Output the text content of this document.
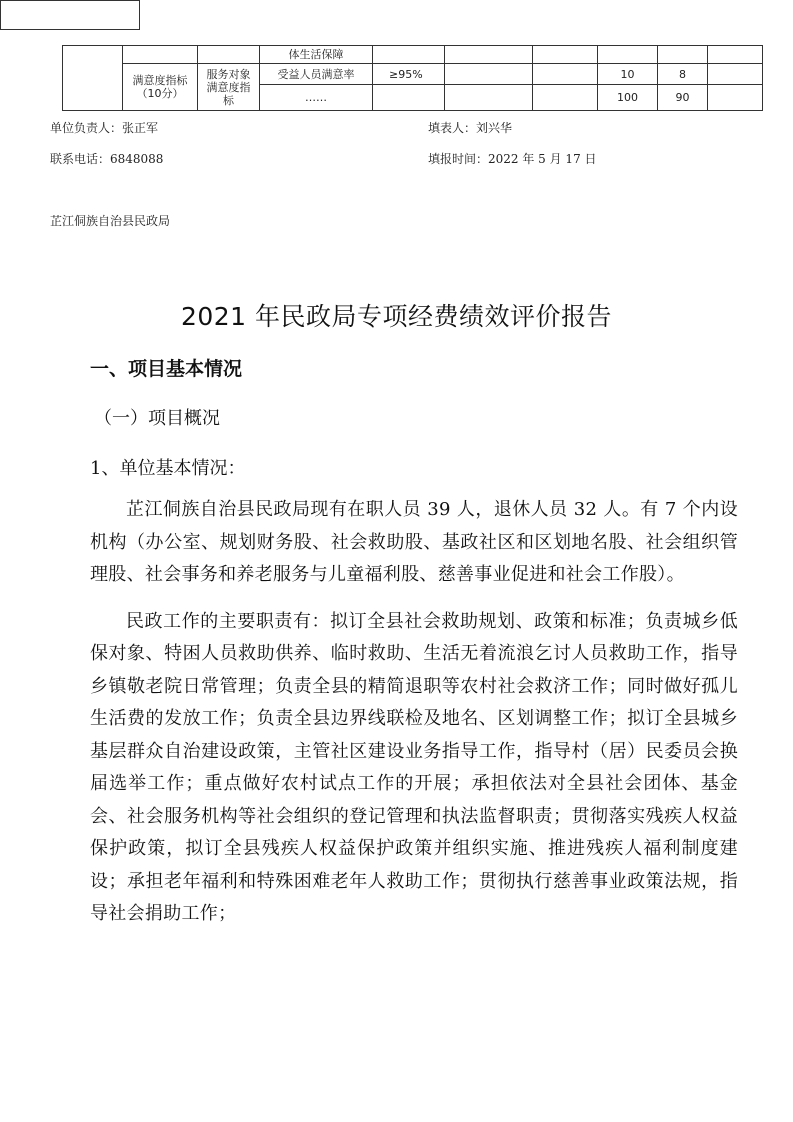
			体生活保障						
	满意度指标（10分）	服务对象满意度指标	受益人员满意率	≥95%			10	8	
			……				100	90	
单位负责人：张正军	填表人：刘兴华
联系电话：6848088	填报时间：2022 年 5 月 17 日
芷江侗族自治县民政局
2021 年民政局专项经费绩效评价报告
一、项目基本情况
（一）项目概况
1、单位基本情况：

芷江侗族自治县民政局现有在职人员 39 人，退休人员 32 人。有 7 个内设机构（办公室、规划财务股、社会救助股、基政社区和区划地名股、社会组织管理股、社会事务和养老服务与儿童福利股、慈善事业促进和社会工作股）。

民政工作的主要职责有：拟订全县社会救助规划、政策和标准；负责城乡低保对象、特困人员救助供养、临时救助、生活无着流浪乞讨人员救助工作，指导乡镇敬老院日常管理；负责全县的精简退职等农村社会救济工作；同时做好孤儿生活费的发放工作；负责全县边界线联检及地名、区划调整工作；拟订全县城乡基层群众自治建设政策，主管社区建设业务指导工作，指导村（居）民委员会换届选举工作；重点做好农村试点工作的开展；承担依法对全县社会团体、基金会、社会服务机构等社会组织的登记管理和执法监督职责；贯彻落实残疾人权益保护政策，拟订全县残疾人权益保护政策并组织实施、推进残疾人福利制度建设；承担老年福利和特殊困难老年人救助工作；贯彻执行慈善事业政策法规，指导社会捐助工作；
